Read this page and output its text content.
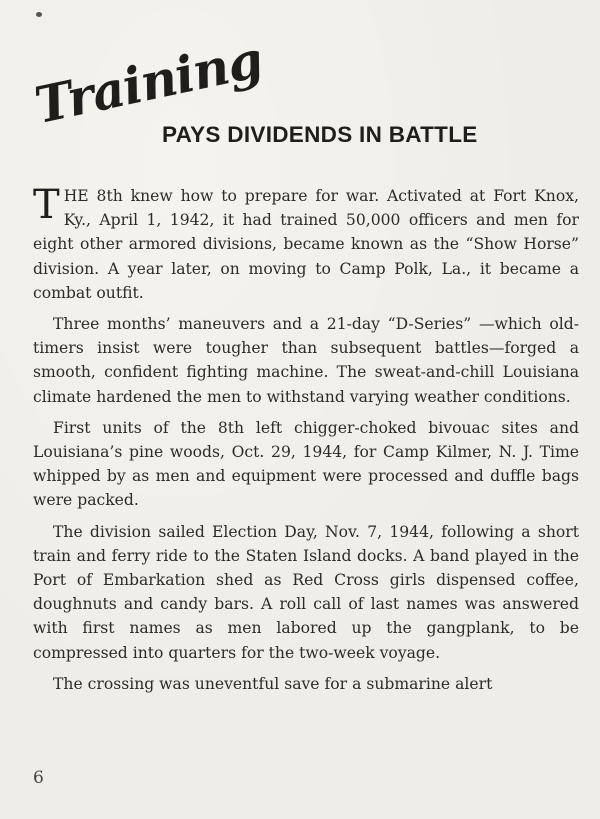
Training
PAYS DIVIDENDS IN BATTLE

THE 8th knew how to prepare for war. Activated at Fort Knox, Ky., April 1, 1942, it had trained 50,000 officers and men for eight other armored divisions, became known as the “Show Horse” division. A year later, on moving to Camp Polk, La., it became a combat outfit.

Three months’ maneuvers and a 21-day “D-Series” —which old-timers insist were tougher than subsequent battles—forged a smooth, confident fighting machine. The sweat-and-chill Louisiana climate hardened the men to withstand varying weather conditions.

First units of the 8th left chigger-choked bivouac sites and Louisiana’s pine woods, Oct. 29, 1944, for Camp Kilmer, N. J. Time whipped by as men and equipment were processed and duffle bags were packed.

The division sailed Election Day, Nov. 7, 1944, following a short train and ferry ride to the Staten Island docks. A band played in the Port of Embarkation shed as Red Cross girls dispensed coffee, doughnuts and candy bars. A roll call of last names was answered with first names as men labored up the gangplank, to be compressed into quarters for the two-week voyage.

The crossing was uneventful save for a submarine alert

6
